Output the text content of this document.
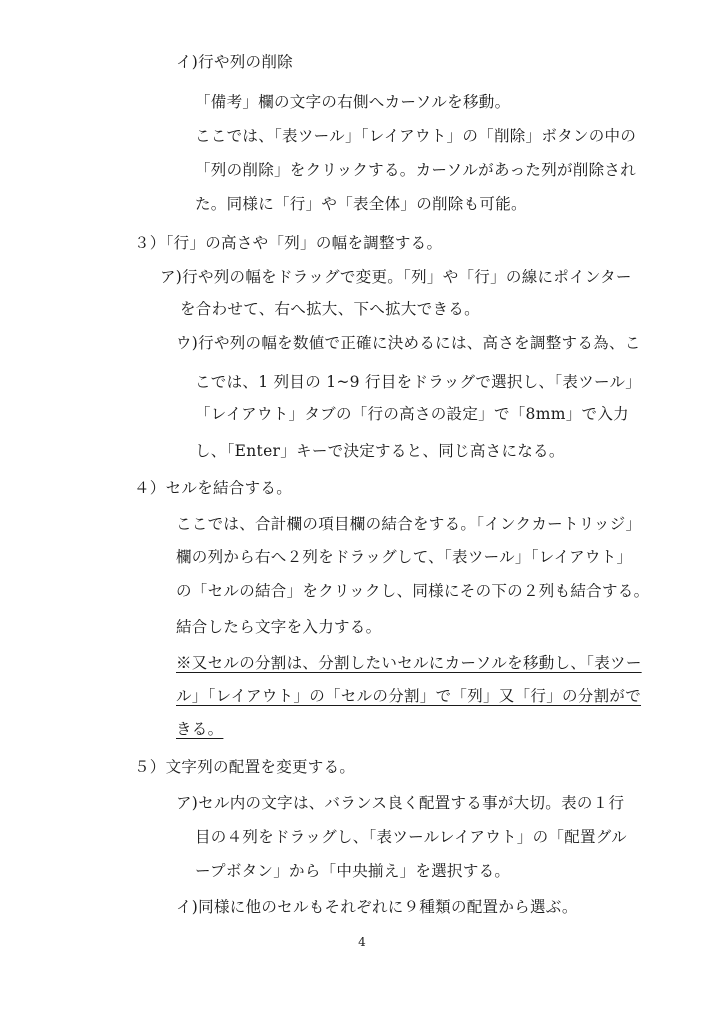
イ)行や列の削除
「備考」欄の文字の右側へカーソルを移動。
ここでは、「表ツール」「レイアウト」の「削除」ボタンの中の
「列の削除」をクリックする。カーソルがあった列が削除され
た。同様に「行」や「表全体」の削除も可能。
３）「行」の高さや「列」の幅を調整する。
ア)行や列の幅をドラッグで変更。「列」や「行」の線にポインター
を合わせて、右へ拡大、下へ拡大できる。
ウ)行や列の幅を数値で正確に決めるには、高さを調整する為、こ
こでは、1 列目の 1~9 行目をドラッグで選択し、「表ツール」
「レイアウト」タブの「行の高さの設定」で「8mm」で入力
し、「Enter」キーで決定すると、同じ高さになる。
４）セルを結合する。
ここでは、合計欄の項目欄の結合をする。「インクカートリッジ」
欄の列から右へ２列をドラッグして、「表ツール」「レイアウト」
の「セルの結合」をクリックし、同様にその下の２列も結合する。
結合したら文字を入力する。
※又セルの分割は、分割したいセルにカーソルを移動し、「表ツー
ル」「レイアウト」の「セルの分割」で「列」又「行」の分割がで
きる。
５）文字列の配置を変更する。
ア)セル内の文字は、バランス良く配置する事が大切。表の１行
目の４列をドラッグし、「表ツールレイアウト」の「配置グル
ープボタン」から「中央揃え」を選択する。
イ)同様に他のセルもそれぞれに９種類の配置から選ぶ。
4
